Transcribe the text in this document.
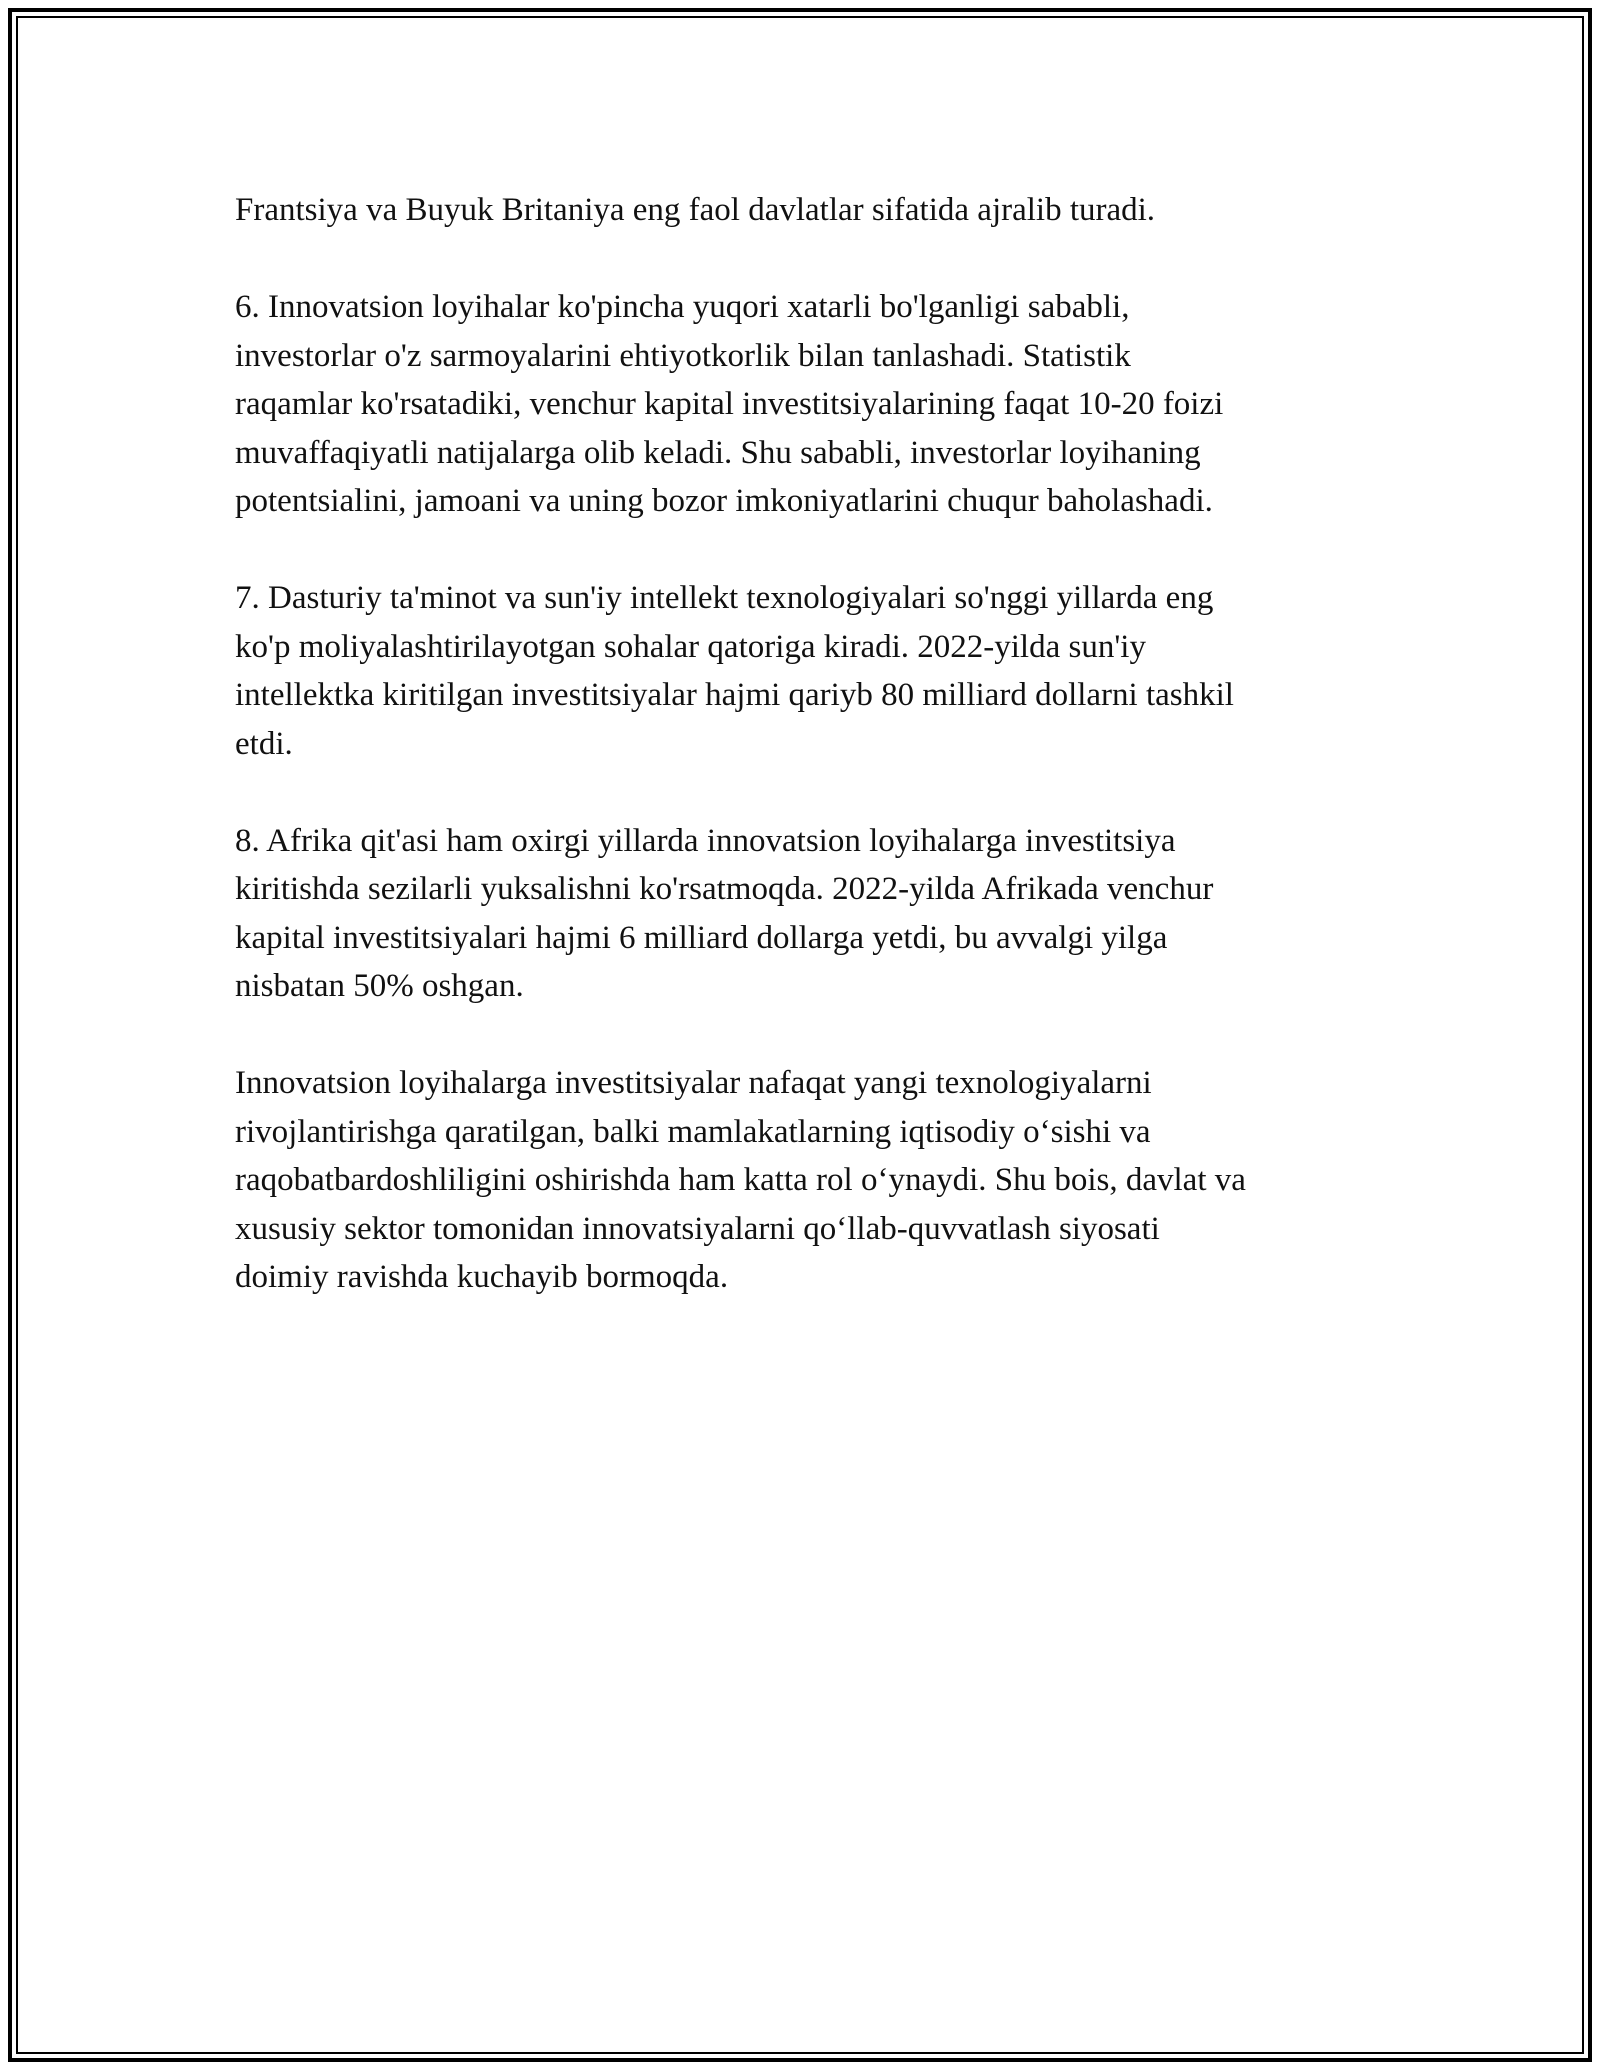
Frantsiya va Buyuk Britaniya eng faol davlatlar sifatida ajralib turadi.

6. Innovatsion loyihalar ko'pincha yuqori xatarli bo'lganligi sababli,
investorlar o'z sarmoyalarini ehtiyotkorlik bilan tanlashadi. Statistik
raqamlar ko'rsatadiki, venchur kapital investitsiyalarining faqat 10-20 foizi
muvaffaqiyatli natijalarga olib keladi. Shu sababli, investorlar loyihaning
potentsialini, jamoani va uning bozor imkoniyatlarini chuqur baholashadi.

7. Dasturiy ta'minot va sun'iy intellekt texnologiyalari so'nggi yillarda eng
ko'p moliyalashtirilayotgan sohalar qatoriga kiradi. 2022-yilda sun'iy
intellektka kiritilgan investitsiyalar hajmi qariyb 80 milliard dollarni tashkil
etdi.

8. Afrika qit'asi ham oxirgi yillarda innovatsion loyihalarga investitsiya
kiritishda sezilarli yuksalishni ko'rsatmoqda. 2022-yilda Afrikada venchur
kapital investitsiyalari hajmi 6 milliard dollarga yetdi, bu avvalgi yilga
nisbatan 50% oshgan.

Innovatsion loyihalarga investitsiyalar nafaqat yangi texnologiyalarni
rivojlantirishga qaratilgan, balki mamlakatlarning iqtisodiy o‘sishi va
raqobatbardoshliligini oshirishda ham katta rol o‘ynaydi. Shu bois, davlat va
xususiy sektor tomonidan innovatsiyalarni qo‘llab-quvvatlash siyosati
doimiy ravishda kuchayib bormoqda.
